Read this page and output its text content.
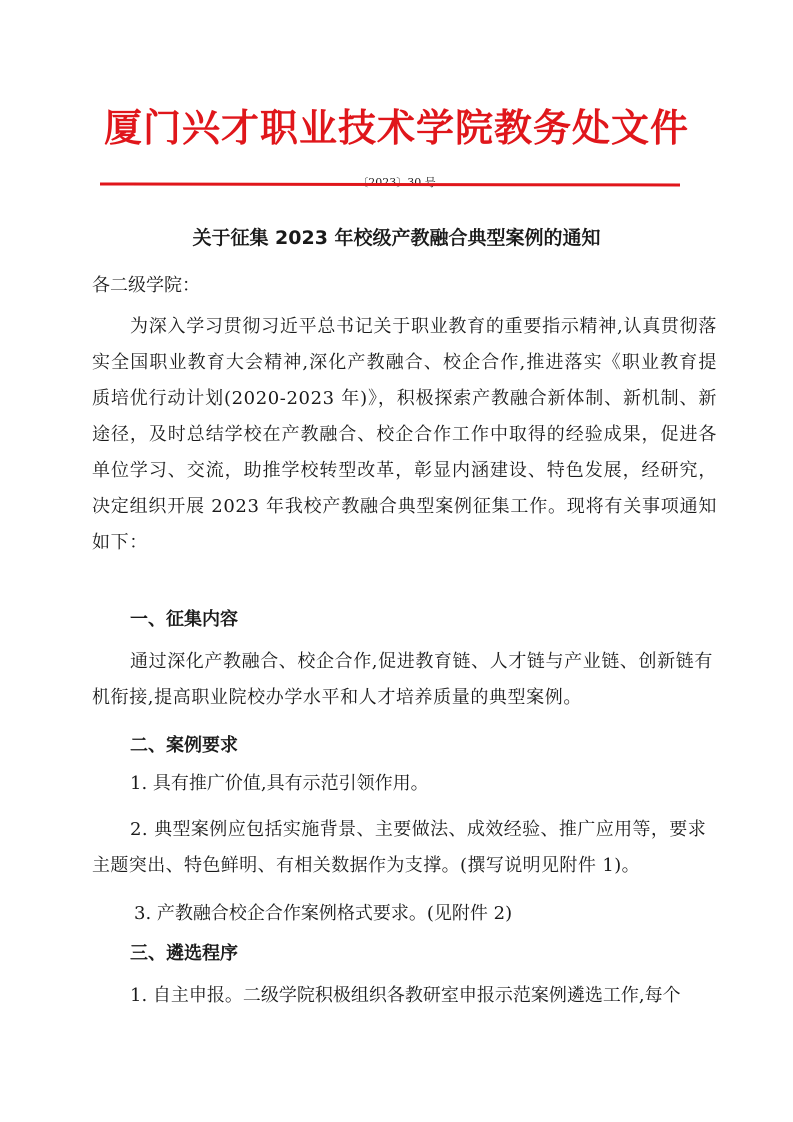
厦门兴才职业技术学院教务处文件
〔2023〕30 号
关于征集 2023 年校级产教融合典型案例的通知

各二级学院：

为深入学习贯彻习近平总书记关于职业教育的重要指示精神,认真贯彻落实全国职业教育大会精神,深化产教融合、校企合作,推进落实《职业教育提质培优行动计划(2020-2023 年)》，积极探索产教融合新体制、新机制、新途径，及时总结学校在产教融合、校企合作工作中取得的经验成果，促进各单位学习、交流，助推学校转型改革，彰显内涵建设、特色发展，经研究，决定组织开展 2023 年我校产教融合典型案例征集工作。现将有关事项通知如下：

一、征集内容

通过深化产教融合、校企合作,促进教育链、人才链与产业链、创新链有机衔接,提高职业院校办学水平和人才培养质量的典型案例。

二、案例要求
1. 具有推广价值,具有示范引领作用。

2. 典型案例应包括实施背景、主要做法、成效经验、推广应用等，要求主题突出、特色鲜明、有相关数据作为支撑。(撰写说明见附件 1)。

3. 产教融合校企合作案例格式要求。(见附件 2)
三、遴选程序
1. 自主申报。二级学院积极组织各教研室申报示范案例遴选工作,每个
